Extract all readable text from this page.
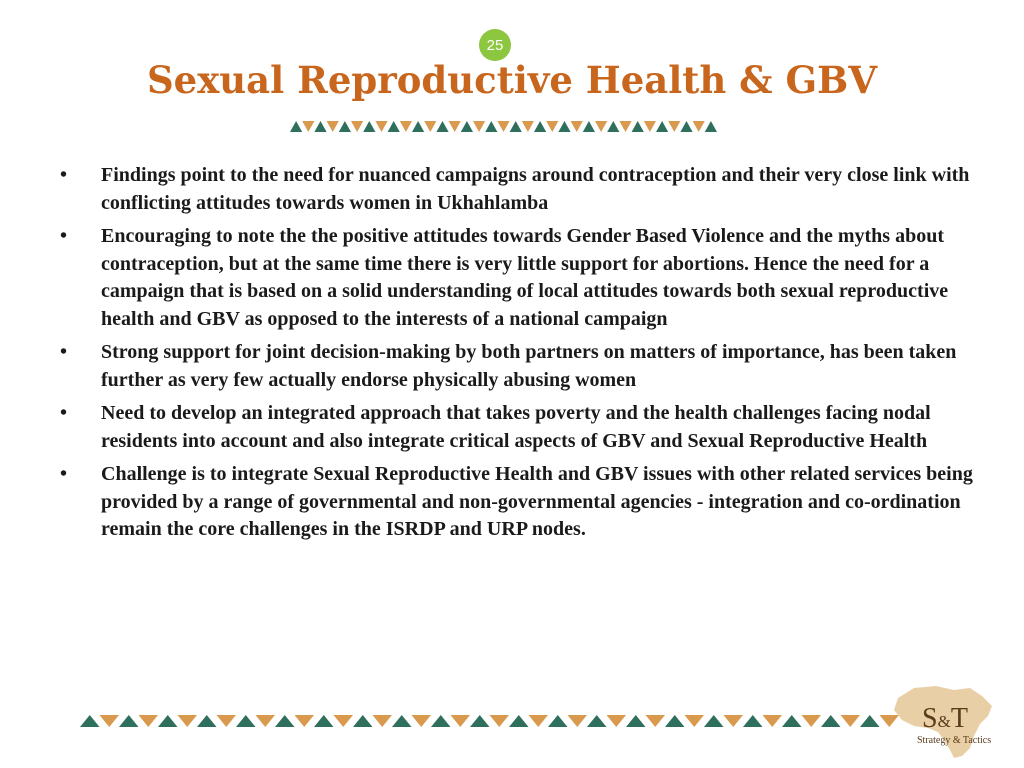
25
Sexual Reproductive Health & GBV
• Findings point to the need for nuanced campaigns around contraception and their very close link with conflicting attitudes towards women in Ukhahlamba
• Encouraging to note the the positive attitudes towards Gender Based Violence and the myths about contraception, but at the same time there is very little support for abortions. Hence the need for a campaign that is based on a solid understanding of local attitudes towards both sexual reproductive health and GBV as opposed to the interests of a national campaign
• Strong support for joint decision-making by both partners on matters of importance, has been taken further as very few actually endorse physically abusing women
• Need to develop an integrated approach that takes poverty and the health challenges facing nodal residents into account and also integrate critical aspects of GBV and Sexual Reproductive Health
• Challenge is to integrate Sexual Reproductive Health and GBV issues with other related services being provided by a range of governmental and non-governmental agencies - integration and co-ordination remain the core challenges in the ISRDP and URP nodes.
S&T
Strategy & Tactics
